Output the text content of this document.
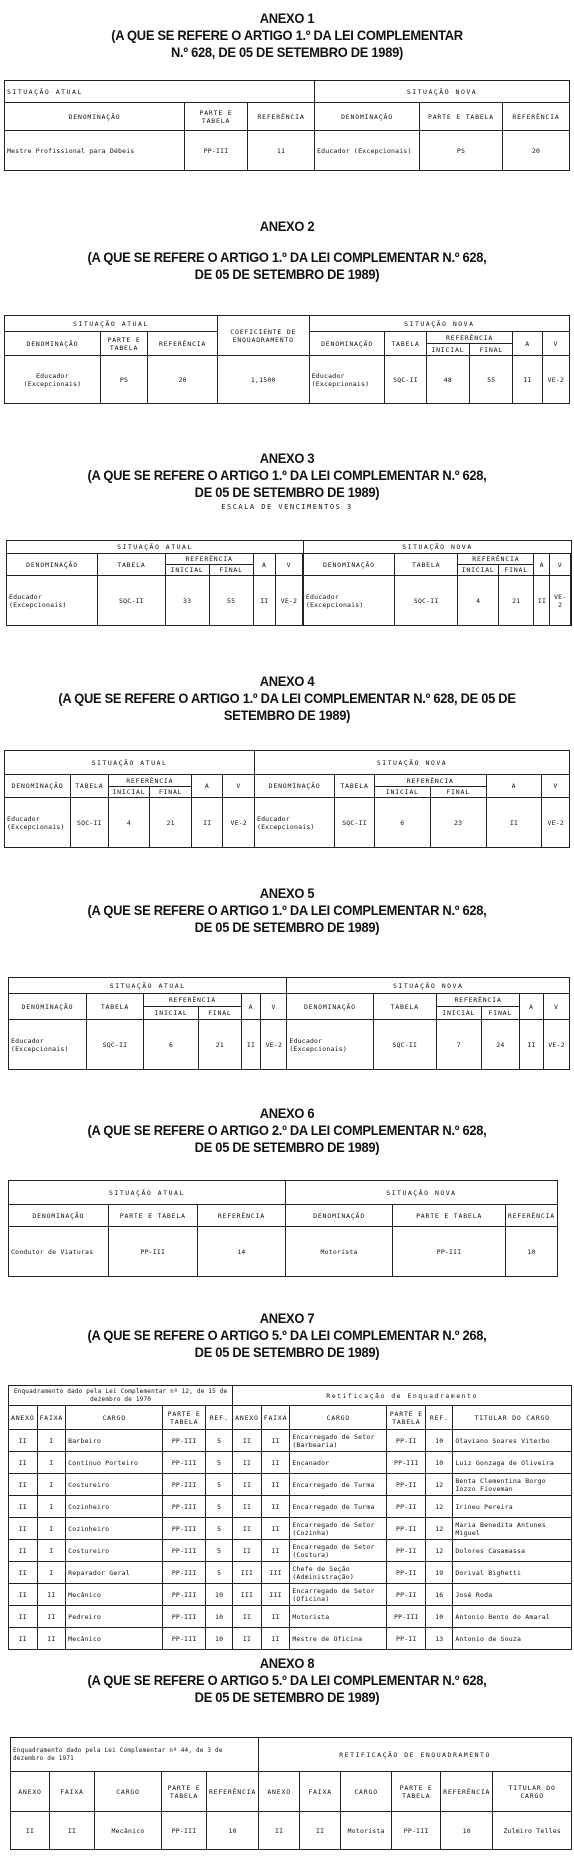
ANEXO 1
(A QUE SE REFERE O ARTIGO 1.º DA LEI COMPLEMENTAR
N.º 628, DE 05 DE SETEMBRO DE 1989)
SITUAÇÃO ATUAL			SITUAÇÃO NOVA		
DENOMINAÇÃO	PARTE E TABELA	REFERÊNCIA	DENOMINAÇÃO	PARTE E TABELA	REFERÊNCIA
Mestre Profissional para Débeis	PP-III	11	Educador (Excepcionais)	PS	20
ANEXO 2
(A QUE SE REFERE O ARTIGO 1.º DA LEI COMPLEMENTAR N.º 628,
DE 05 DE SETEMBRO DE 1989)
SITUAÇÃO ATUAL			COEFICIENTE DE ENQUADRAMENTO	SITUAÇÃO NOVA					
DENOMINAÇÃO	PARTE E TABELA	REFERÊNCIA		DENOMINAÇÃO	TABELA	REFERÊNCIA		A	V
						INICIAL	FINAL		
Educador (Excepcionais)	PS	20	1,1500	Educador (Excepcionais)	SQC-II	48	55	II	VE-2
ANEXO 3
(A QUE SE REFERE O ARTIGO 1.º DA LEI COMPLEMENTAR N.º 628,
DE 05 DE SETEMBRO DE 1989)
ESCALA DE VENCIMENTOS 3
SITUAÇÃO ATUAL						SITUAÇÃO NOVA						
DENOMINAÇÃO	TABELA	REFERÊNCIA		A	V		DENOMINAÇÃO	TABELA	REFERÊNCIA		A	V	
		INICIAL	FINAL					INICIAL	FINAL			
Educador (Excepcionais)	SQC-II	33	55	II	VE-2		Educador (Excepcionais)	SQC-II	4	21	II	VE-2	
ANEXO 4
(A QUE SE REFERE O ARTIGO 1.º DA LEI COMPLEMENTAR N.º 628, DE 05 DE
SETEMBRO DE 1989)
SITUAÇÃO ATUAL						SITUAÇÃO NOVA					
DENOMINAÇÃO	TABELA	REFERÊNCIA		A	V	DENOMINAÇÃO	TABELA	REFERÊNCIA		A	V
		INICIAL	FINAL					INICIAL	FINAL		
Educador (Excepcionais)	SQC-II	4	21	II	VE-2	Educador (Excepcionais)	SQC-II	6	23	II	VE-2
ANEXO 5
(A QUE SE REFERE O ARTIGO 1.º DA LEI COMPLEMENTAR N.º 628,
DE 05 DE SETEMBRO DE 1989)
SITUAÇÃO ATUAL						SITUAÇÃO NOVA					
DENOMINAÇÃO	TABELA	REFERÊNCIA		A	V	DENOMINAÇÃO	TABELA	REFERÊNCIA		A	V
		INICIAL	FINAL					INICIAL	FINAL		
Educador (Excepcionais)	SQC-II	6	21	II	VE-2	Educador (Excepcionais)	SQC-II	7	24	II	VE-2
ANEXO 6
(A QUE SE REFERE O ARTIGO 2.º DA LEI COMPLEMENTAR N.º 628,
DE 05 DE SETEMBRO DE 1989)
SITUAÇÃO ATUAL			SITUAÇÃO NOVA		
DENOMINAÇÃO	PARTE E TABELA	REFERÊNCIA	DENOMINAÇÃO	PARTE E TABELA	REFERÊNCIA
Condutor de Viaturas	PP-III	14	Motorista	PP-III	10
ANEXO 7
(A QUE SE REFERE O ARTIGO 5.º DA LEI COMPLEMENTAR N.º 268,
DE 05 DE SETEMBRO DE 1989)
Enquadramento dado pela Lei Complementar nº 12, de 15 de dezembro de 1970					Retificação de Enquadramento					
ANEXO	FAIXA	CARGO	PARTE E TABELA	REF.	ANEXO	FAIXA	CARGO	PARTE E TABELA	REF.	TITULAR DO CARGO
II	I	Barbeiro	PP-III	5	II	II	Encarregado de Setor (Barbearia)	PP-II	10	Olaviano Soares Viterbo
II	I	Contínuo Porteiro	PP-III	5	II	II	Encanador	PP-III	10	Luiz Gonzaga de Oliveira
II	I	Costureiro	PP-III	5	II	II	Encarregado de Turma	PP-II	12	Benta Clementina Borgo Iozzo Fioveman
II	I	Cozinheiro	PP-III	5	II	II	Encarregado de Turma	PP-II	12	Irineu Pereira
II	I	Cozinheiro	PP-III	5	II	II	Encarregado de Setor (Cozinha)	PP-II	12	Maria Benedita Antunes Miguel
II	I	Costureiro	PP-III	5	II	II	Encarregado de Setor (Costura)	PP-II	12	Dolores Casamassa
II	I	Reparador Geral	PP-III	5	III	III	Chefe de Seção (Administração)	PP-II	19	Dorival Bighetti
II	II	Mecânico	PP-III	10	III	III	Encarregado de Setor (Oficina)	PP-II	16	José Roda
II	II	Pedreiro	PP-III	10	II	II	Motorista	PP-III	10	Antonio Bento do Amaral
II	II	Mecânico	PP-III	10	II	II	Mestre de Oficina	PP-II	13	Antonio de Souza
ANEXO 8
(A QUE SE REFERE O ARTIGO 5.º DA LEI COMPLEMENTAR N.º 628,
DE 05 DE SETEMBRO DE 1989)
Enquadramento dado pela Lei Complementar nº 44, de 3 de dezembro de 1971					RETIFICAÇÃO DE ENQUADRAMENTO					
ANEXO	FAIXA	CARGO	PARTE E TABELA	REFERÊNCIA	ANEXO	FAIXA	CARGO	PARTE E TABELA	REFERÊNCIA	TITULAR DO CARGO
II	II	Mecânico	PP-III	10	II	II	Motorista	PP-III	10	Zulmiro Telles
